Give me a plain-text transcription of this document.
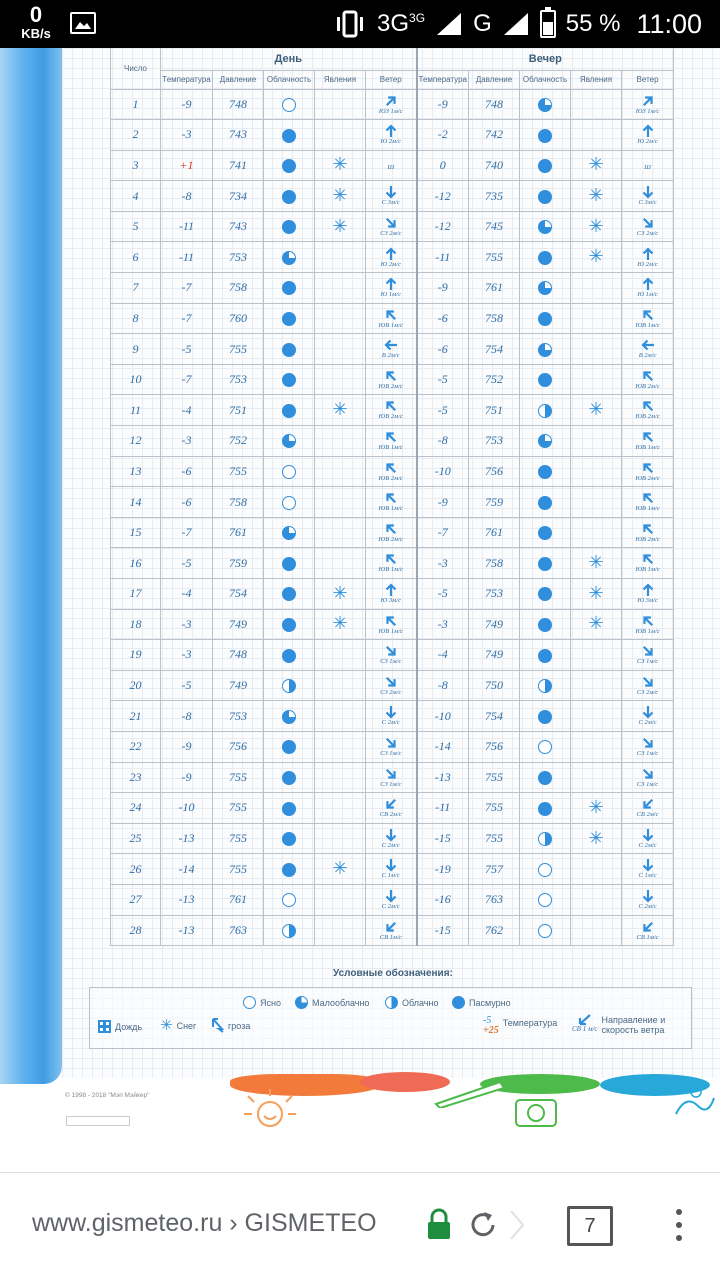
0
KB/s	$3G^{3G}$ G	55 % 11:00
Число	День					Вечер				
	Температура	Давление	Облачность	Явления	Ветер	Температура	Давление	Облачность	Явления	Ветер
1	-9	748			ЮЗ 1м/с	-9	748			ЮЗ 1м/с

2	-3	743			Ю 2м/с	-2	742			Ю 2м/с

3	+1	741		✳	Ш	0	740		✳	Ш

4	-8	734		✳	С 3м/с	-12	735		✳	С 3м/с

5	-11	743		✳	СЗ 2м/с	-12	745		✳	СЗ 2м/с

6	-11	753			Ю 2м/с	-11	755		✳	Ю 2м/с

7	-7	758			Ю 1м/с	-9	761			Ю 1м/с

8	-7	760			ЮВ 1м/с	-6	758			ЮВ 1м/с

9	-5	755			В 2м/с	-6	754			В 2м/с

10	-7	753			ЮВ 2м/с	-5	752			ЮВ 2м/с

11	-4	751		✳	ЮВ 2м/с	-5	751		✳	ЮВ 2м/с

12	-3	752			ЮВ 1м/с	-8	753			ЮВ 1м/с

13	-6	755			ЮВ 2м/с	-10	756			ЮВ 2м/с

14	-6	758			ЮВ 1м/с	-9	759			ЮВ 1м/с

15	-7	761			ЮВ 2м/с	-7	761			ЮВ 2м/с

16	-5	759			ЮВ 1м/с	-3	758		✳	ЮВ 1м/с

17	-4	754		✳	Ю 3м/с	-5	753		✳	Ю 3м/с

18	-3	749		✳	ЮВ 1м/с	-3	749		✳	ЮВ 1м/с

19	-3	748			СЗ 1м/с	-4	749			СЗ 1м/с

20	-5	749			СЗ 2м/с	-8	750			СЗ 2м/с

21	-8	753			С 2м/с	-10	754			С 2м/с

22	-9	756			СЗ 1м/с	-14	756			СЗ 1м/с

23	-9	755			СЗ 1м/с	-13	755			СЗ 1м/с

24	-10	755			СВ 2м/с	-11	755		✳	СВ 2м/с

25	-13	755			С 2м/с	-15	755		✳	С 2м/с

26	-14	755		✳	С 1м/с	-19	757			С 1м/с

27	-13	761			С 2м/с	-16	763			С 2м/с

28	-13	763			СВ 1м/с	-15	762			СВ 1м/с
Условные обозначения:
Ясно	Малооблачно	Облачно	Пасмурно
Дождь ✳ Снег	гроза	-5
+25
Температура
СВ 1 м/с
Направление и
скорость ветра
© 1998 - 2018 "Мэп Мэйкер"
www.gismeteo.ru › GISMETEO	7
